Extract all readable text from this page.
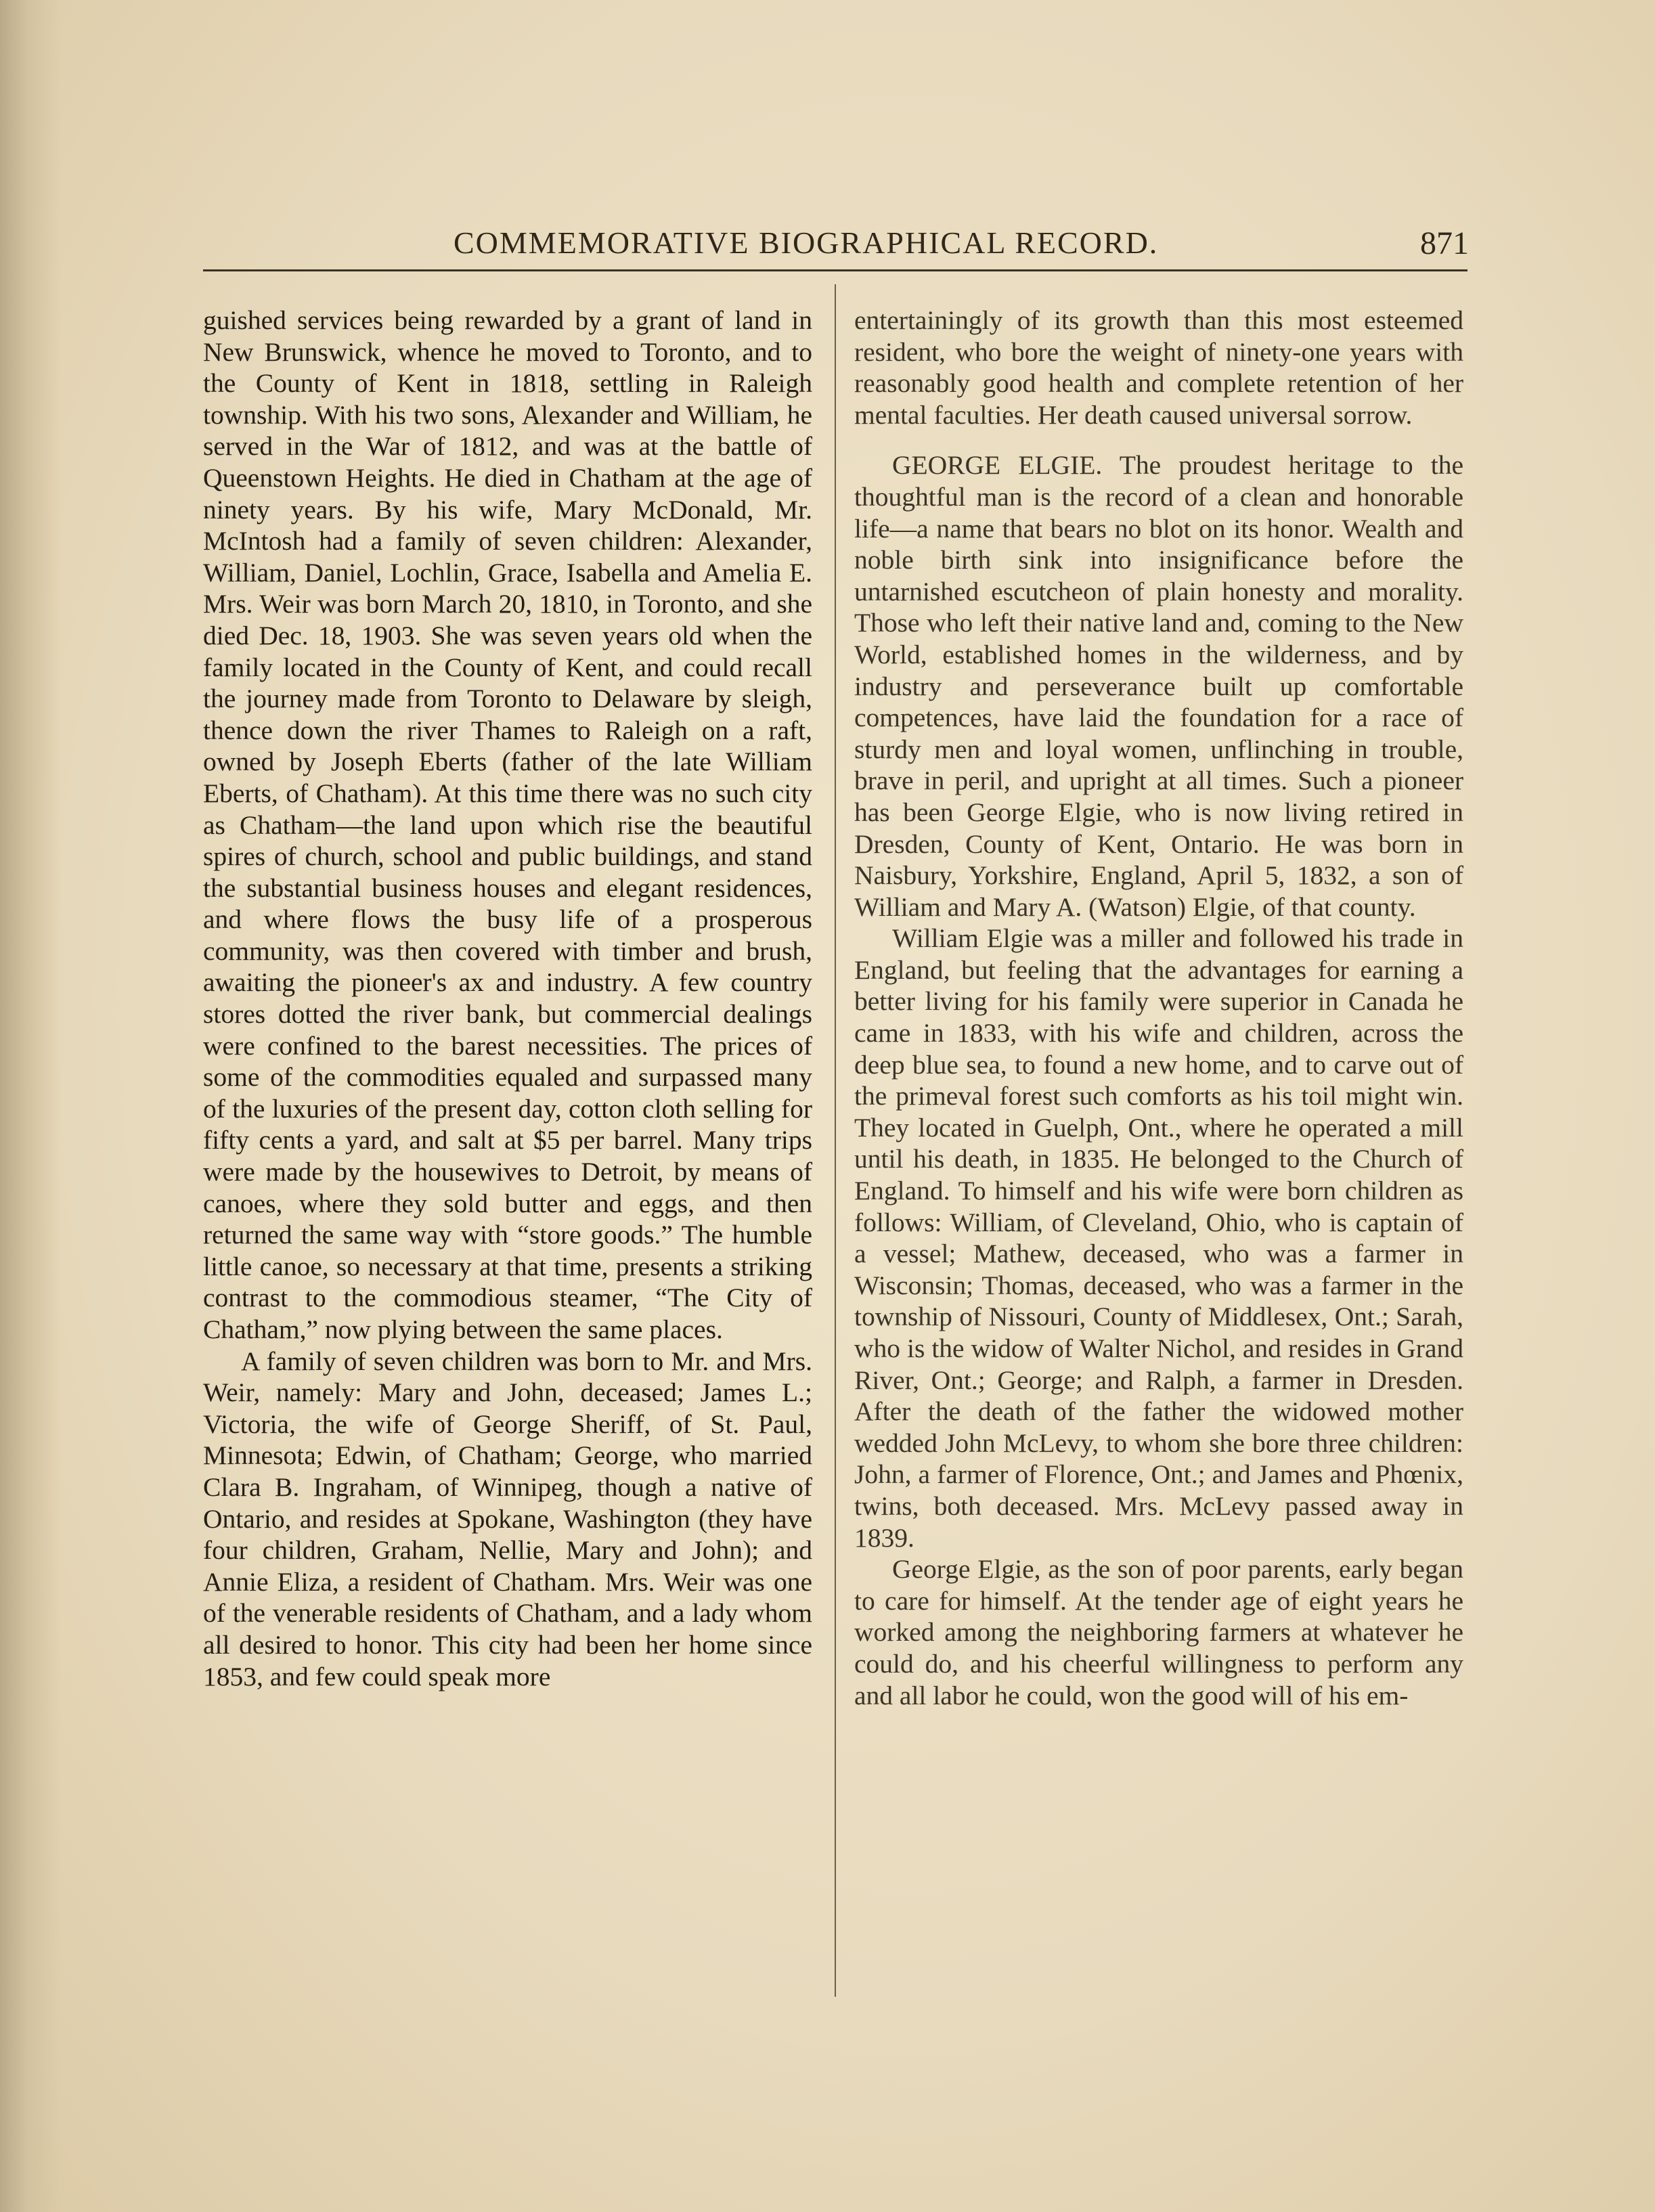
COMMEMORATIVE BIOGRAPHICAL RECORD.	871

guished services being rewarded by a grant of land in New Brunswick, whence he moved to Toronto, and to the County of Kent in 1818, settling in Raleigh township. With his two sons, Alexander and William, he served in the War of 1812, and was at the battle of Queenstown Heights. He died in Chatham at the age of ninety years. By his wife, Mary McDonald, Mr. McIntosh had a family of seven children: Alexander, William, Daniel, Lochlin, Grace, Isabella and Amelia E. Mrs. Weir was born March 20, 1810, in Toronto, and she died Dec. 18, 1903. She was seven years old when the family located in the County of Kent, and could recall the journey made from Toronto to Delaware by sleigh, thence down the river Thames to Raleigh on a raft, owned by Joseph Eberts (father of the late William Eberts, of Chatham). At this time there was no such city as Chatham—the land upon which rise the beautiful spires of church, school and public buildings, and stand the substantial business houses and elegant residences, and where flows the busy life of a prosperous community, was then covered with timber and brush, awaiting the pioneer's ax and industry. A few country stores dotted the river bank, but commercial dealings were confined to the barest necessities. The prices of some of the commodities equaled and surpassed many of the luxuries of the present day, cotton cloth selling for fifty cents a yard, and salt at $5 per barrel. Many trips were made by the housewives to Detroit, by means of canoes, where they sold butter and eggs, and then returned the same way with “store goods.” The humble little canoe, so necessary at that time, presents a striking contrast to the commodious steamer, “The City of Chatham,” now plying between the same places.

A family of seven children was born to Mr. and Mrs. Weir, namely: Mary and John, deceased; James L.; Victoria, the wife of George Sheriff, of St. Paul, Minnesota; Edwin, of Chatham; George, who married Clara B. Ingraham, of Winnipeg, though a native of Ontario, and resides at Spokane, Washington (they have four children, Graham, Nellie, Mary and John); and Annie Eliza, a resident of Chatham. Mrs. Weir was one of the venerable residents of Chatham, and a lady whom all desired to honor. This city had been her home since 1853, and few could speak more

entertainingly of its growth than this most esteemed resident, who bore the weight of ninety-one years with reasonably good health and complete retention of her mental faculties. Her death caused universal sorrow.

GEORGE ELGIE. The proudest heritage to the thoughtful man is the record of a clean and honorable life—a name that bears no blot on its honor. Wealth and noble birth sink into insignificance before the untarnished escutcheon of plain honesty and morality. Those who left their native land and, coming to the New World, established homes in the wilderness, and by industry and perseverance built up comfortable competences, have laid the foundation for a race of sturdy men and loyal women, unflinching in trouble, brave in peril, and upright at all times. Such a pioneer has been George Elgie, who is now living retired in Dresden, County of Kent, Ontario. He was born in Naisbury, Yorkshire, England, April 5, 1832, a son of William and Mary A. (Watson) Elgie, of that county.

William Elgie was a miller and followed his trade in England, but feeling that the advantages for earning a better living for his family were superior in Canada he came in 1833, with his wife and children, across the deep blue sea, to found a new home, and to carve out of the primeval forest such comforts as his toil might win. They located in Guelph, Ont., where he operated a mill until his death, in 1835. He belonged to the Church of England. To himself and his wife were born children as follows: William, of Cleveland, Ohio, who is captain of a vessel; Mathew, deceased, who was a farmer in Wisconsin; Thomas, deceased, who was a farmer in the township of Nissouri, County of Middlesex, Ont.; Sarah, who is the widow of Walter Nichol, and resides in Grand River, Ont.; George; and Ralph, a farmer in Dresden. After the death of the father the widowed mother wedded John McLevy, to whom she bore three children: John, a farmer of Florence, Ont.; and James and Phœnix, twins, both deceased. Mrs. McLevy passed away in 1839.

George Elgie, as the son of poor parents, early began to care for himself. At the tender age of eight years he worked among the neighboring farmers at whatever he could do, and his cheerful willingness to perform any and all labor he could, won the good will of his em-
